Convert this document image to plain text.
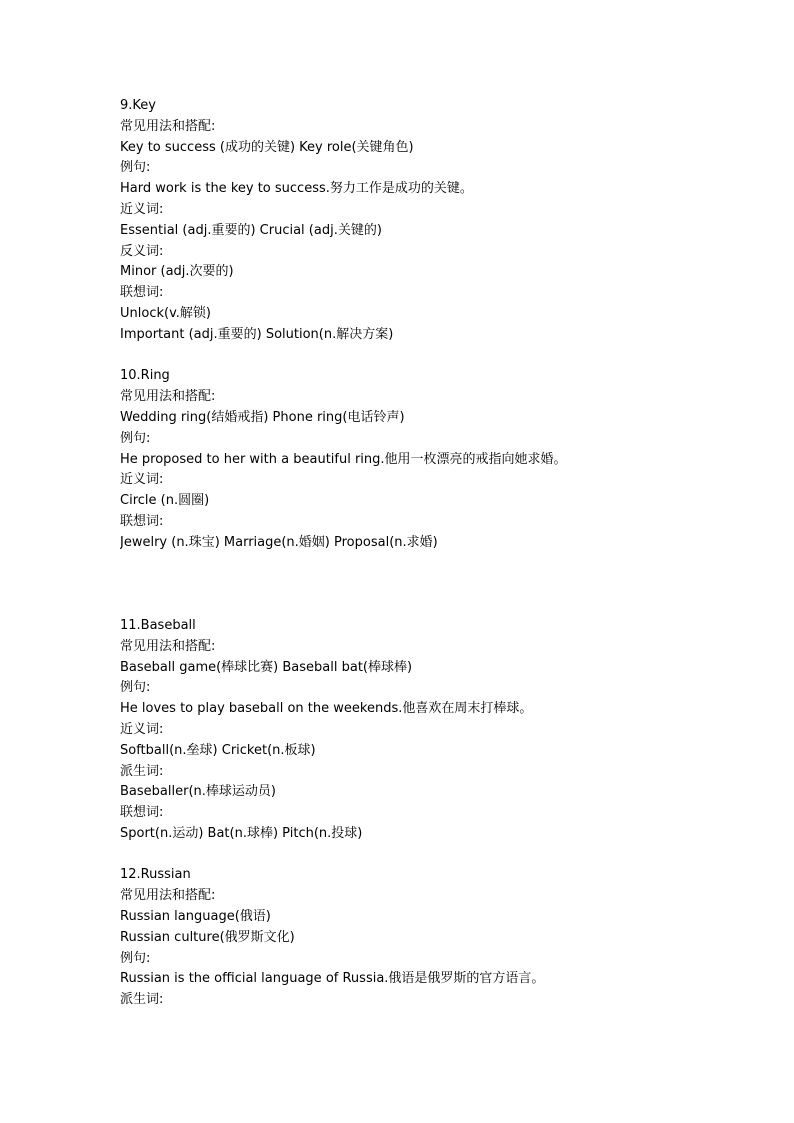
9.Key
常见用法和搭配:
Key to success (成功的关键) Key role(关键角色)
例句:
Hard work is the key to success.努力工作是成功的关键。
近义词:
Essential (adj.重要的) Crucial (adj.关键的)
反义词:
Minor (adj.次要的)
联想词:
Unlock(v.解锁)
Important (adj.重要的) Solution(n.解决方案)
10.Ring
常见用法和搭配:
Wedding ring(结婚戒指) Phone ring(电话铃声)
例句:
He proposed to her with a beautiful ring.他用一枚漂亮的戒指向她求婚。
近义词:
Circle (n.圆圈)
联想词:
Jewelry (n.珠宝) Marriage(n.婚姻) Proposal(n.求婚)
11.Baseball
常见用法和搭配:
Baseball game(棒球比赛) Baseball bat(棒球棒)
例句:
He loves to play baseball on the weekends.他喜欢在周末打棒球。
近义词:
Softball(n.垒球) Cricket(n.板球)
派生词:
Baseballer(n.棒球运动员)
联想词:
Sport(n.运动) Bat(n.球棒) Pitch(n.投球)
12.Russian
常见用法和搭配:
Russian language(俄语)
Russian culture(俄罗斯文化)
例句:
Russian is the official language of Russia.俄语是俄罗斯的官方语言。
派生词:
